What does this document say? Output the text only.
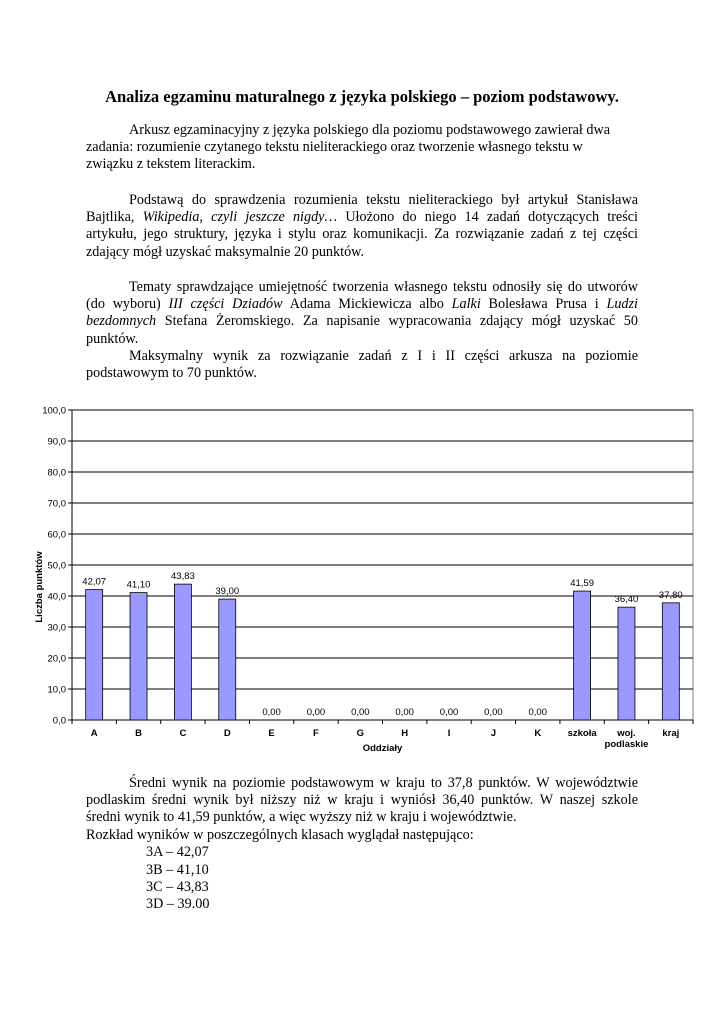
Analiza egzaminu maturalnego z języka polskiego – poziom podstawowy.

Arkusz egzaminacyjny z języka polskiego dla poziomu podstawowego zawierał dwa
zadania: rozumienie czytanego tekstu nieliterackiego oraz tworzenie własnego tekstu w
związku z tekstem literackim.

Podstawą do sprawdzenia rozumienia tekstu nieliterackiego był artykuł Stanisława
Bajtlika, Wikipedia, czyli jeszcze nigdy… Ułożono do niego 14 zadań dotyczących treści
artykułu, jego struktury, języka i stylu oraz komunikacji. Za rozwiązanie zadań z tej części
zdający mógł uzyskać maksymalnie 20 punktów.
Tematy sprawdzające umiejętność tworzenia własnego tekstu odnosiły się do utworów
(do wyboru) III części Dziadów Adama Mickiewicza albo Lalki Bolesława Prusa i Ludzi
bezdomnych Stefana Żeromskiego. Za napisanie wypracowania zdający mógł uzyskać 50
punktów.
Maksymalny wynik za rozwiązanie zadań z I i II części arkusza na poziomie
podstawowym to 70 punktów.
0,0
10,0
20,0
30,0
40,0
50,0
60,0
70,0
80,0
90,0
100,0
42,07
A
41,10
B
43,83
C
39,00
D
0,00
E
0,00
F
0,00
G
0,00
H
0,00
I
0,00
J
0,00
K
41,59
szkoła
36,40
woj. podlaskie
37,80
kraj
Oddziały
Liczba punktów
Średni wynik na poziomie podstawowym w kraju to 37,8 punktów. W województwie
podlaskim średni wynik był niższy niż w kraju i wyniósł 36,40 punktów. W naszej szkole
średni wynik to 41,59 punktów, a więc wyższy niż w kraju i województwie.
Rozkład wyników w poszczególnych klasach wyglądał następująco:
3A – 42,07
3B – 41,10
3C – 43,83
3D – 39.00
